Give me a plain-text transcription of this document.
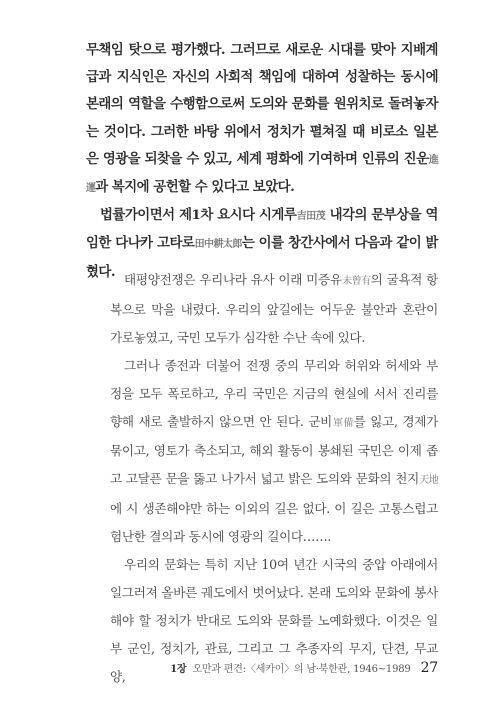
무책임 탓으로 평가했다. 그러므로 새로운 시대를 맞아 지배계급과 지식인은 자신의 사회적 책임에 대하여 성찰하는 동시에 본래의 역할을 수행함으로써 도의와 문화를 원위치로 돌려놓자는 것이다. 그러한 바탕 위에서 정치가 펼쳐질 때 비로소 일본은 영광을 되찾을 수 있고, 세계 평화에 기여하며 인류의 진운進運과 복지에 공헌할 수 있다고 보았다.

법률가이면서 제1차 요시다 시게루吉田茂 내각의 문부상을 역임한 다나카 고타로田中耕太郎는 이를 창간사에서 다음과 같이 밝혔다. 태평양전쟁은 우리나라 유사 이래 미증유未曾有의 굴욕적 항복으로 막을 내렸다. 우리의 앞길에는 어두운 불안과 혼란이 가로놓였고, 국민 모두가 심각한 수난 속에 있다.

그러나 종전과 더불어 전쟁 중의 무리와 허위와 허세와 부정을 모두 폭로하고, 우리 국민은 지금의 현실에 서서 진리를 향해 새로 출발하지 않으면 안 된다. 군비軍備를 잃고, 경제가 묶이고, 영토가 축소되고, 해외 활동이 봉쇄된 국민은 이제 좁고 고달픈 문을 뚫고 나가서 넓고 밝은 도의와 문화의 천지天地에 시 생존해야만 하는 이외의 길은 없다. 이 길은 고통스럽고 험난한 결의과 동시에 영광의 길이다…….

우리의 문화는 특히 지난 10여 년간 시국의 중압 아래에서 일그러져 올바른 궤도에서 벗어났다. 본래 도의와 문화에 봉사해야 할 정치가 반대로 도의와 문화를 노예화했다. 이것은 일부 군인, 정치가, 관료, 그리고 그 추종자의 무지, 단견, 무교양,	1장 오만과 편견:〈세카이〉의 남·북한관, 1946~1989 27
